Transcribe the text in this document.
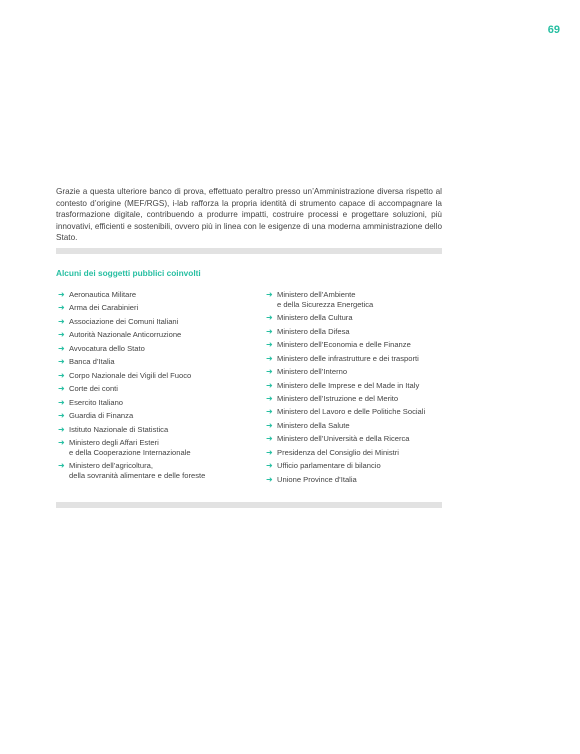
69

Grazie a questa ulteriore banco di prova, effettuato peraltro presso un’Amministrazione diversa rispetto al contesto d’origine (MEF/RGS), i-lab rafforza la propria identità di strumento capace di accompagnare la trasformazione digitale, contribuendo a produrre impatti, costruire processi e progettare soluzioni, più innovativi, efficienti e sostenibili, ovvero più in linea con le esigenze di una moderna amministrazione dello Stato.

Alcuni dei soggetti pubblici coinvolti
➜ Aeronautica Militare
➜ Arma dei Carabinieri
➜ Associazione dei Comuni Italiani
➜ Autorità Nazionale Anticorruzione
➜ Avvocatura dello Stato
➜ Banca d’Italia
➜ Corpo Nazionale dei Vigili del Fuoco
➜ Corte dei conti
➜ Esercito Italiano
➜ Guardia di Finanza
➜ Istituto Nazionale di Statistica
➜ Ministero degli Affari Esteri
e della Cooperazione Internazionale
➜ Ministero dell’agricoltura,
della sovranità alimentare e delle foreste
➜ Ministero dell’Ambiente
e della Sicurezza Energetica
➜ Ministero della Cultura
➜ Ministero della Difesa
➜ Ministero dell’Economia e delle Finanze
➜ Ministero delle infrastrutture e dei trasporti
➜ Ministero dell’Interno
➜ Ministero delle Imprese e del Made in Italy
➜ Ministero dell’Istruzione e del Merito
➜ Ministero del Lavoro e delle Politiche Sociali
➜ Ministero della Salute
➜ Ministero dell’Università e della Ricerca
➜ Presidenza del Consiglio dei Ministri
➜ Ufficio parlamentare di bilancio
➜ Unione Province d’Italia
